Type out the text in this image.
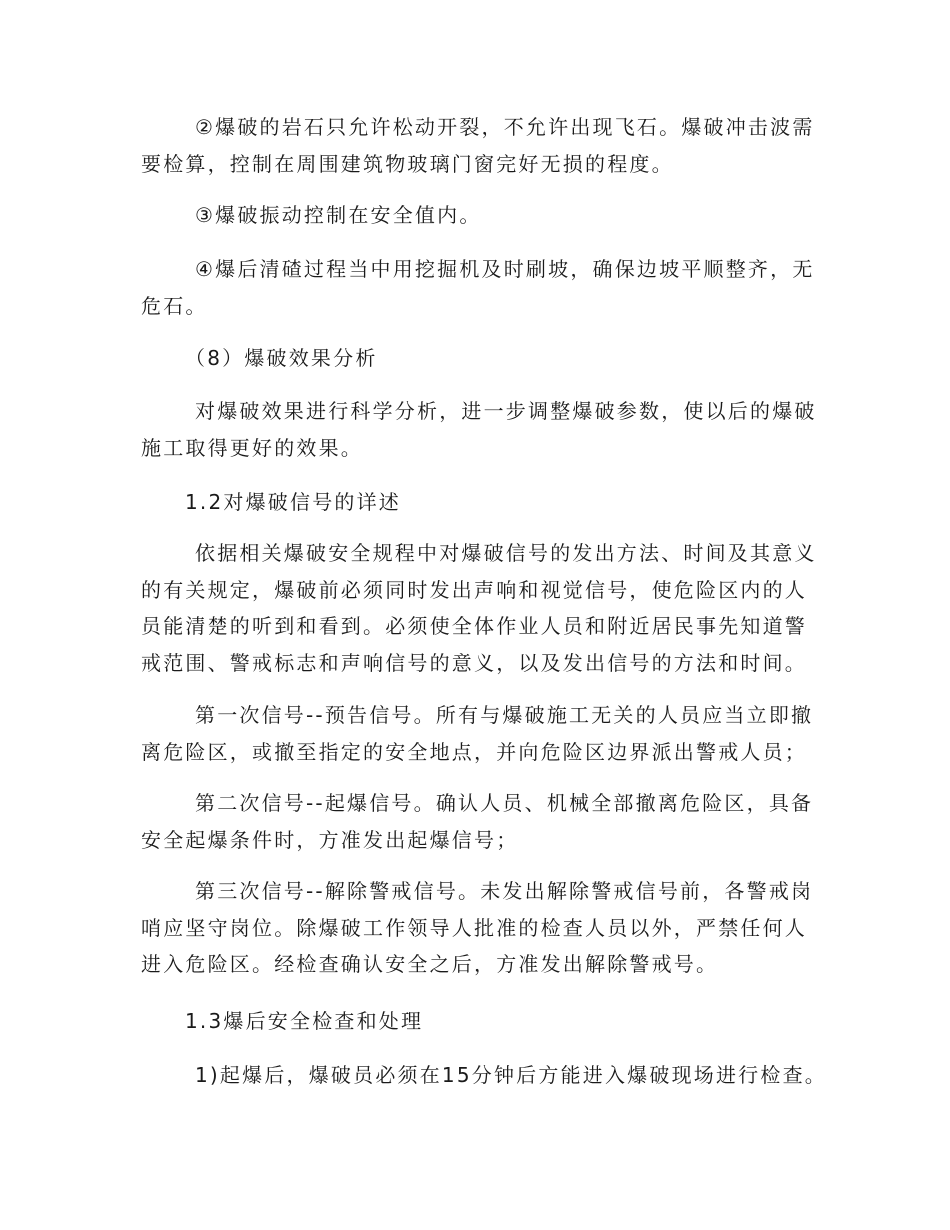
②爆破的岩石只允许松动开裂，不允许出现飞石。爆破冲击波需
要检算，控制在周围建筑物玻璃门窗完好无损的程度。

③爆破振动控制在安全值内。

④爆后清碴过程当中用挖掘机及时刷坡，确保边坡平顺整齐，无
危石。

（8）爆破效果分析

对爆破效果进行科学分析，进一步调整爆破参数，使以后的爆破
施工取得更好的效果。

1.2对爆破信号的详述

依据相关爆破安全规程中对爆破信号的发出方法、时间及其意义
的有关规定，爆破前必须同时发出声响和视觉信号，使危险区内的人
员能清楚的听到和看到。必须使全体作业人员和附近居民事先知道警
戒范围、警戒标志和声响信号的意义，以及发出信号的方法和时间。

第一次信号--预告信号。所有与爆破施工无关的人员应当立即撤
离危险区，或撤至指定的安全地点，并向危险区边界派出警戒人员；

第二次信号--起爆信号。确认人员、机械全部撤离危险区，具备
安全起爆条件时，方准发出起爆信号；

第三次信号--解除警戒信号。未发出解除警戒信号前，各警戒岗
哨应坚守岗位。除爆破工作领导人批准的检查人员以外，严禁任何人
进入危险区。经检查确认安全之后，方准发出解除警戒号。

1.3爆后安全检查和处理

1)起爆后，爆破员必须在15分钟后方能进入爆破现场进行检查。
